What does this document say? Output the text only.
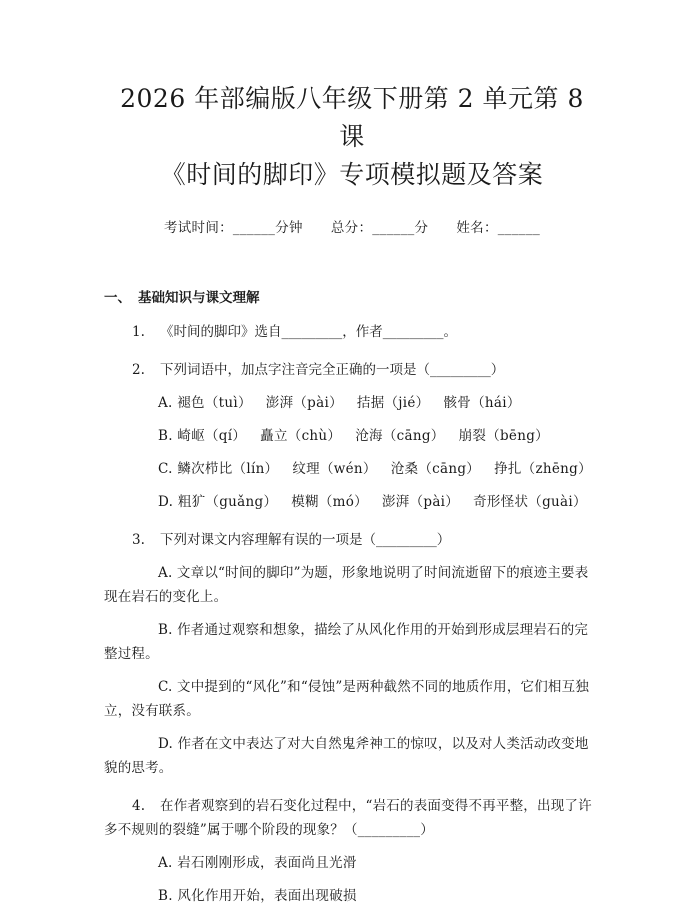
2026 年部编版八年级下册第 2 单元第 8 课
《时间的脚印》专项模拟题及答案
考试时间：______分钟 总分：______分 姓名：______
一、 基础知识与课文理解
1. 《时间的脚印》选自_________，作者_________。
2. 下列词语中，加点字注音完全正确的一项是（_________）
A. 褪色（tuì） 澎湃（pài） 拮据（jié） 骸骨（hái）
B. 崎岖（qí） 矗立（chù） 沧海（cāng） 崩裂（bēng）
C. 鳞次栉比（lín） 纹理（wén） 沧桑（cāng） 挣扎（zhēng）
D. 粗犷（guǎng） 模糊（mó） 澎湃（pài） 奇形怪状（guài）
3. 下列对课文内容理解有误的一项是（_________）
A. 文章以“时间的脚印”为题，形象地说明了时间流逝留下的痕迹主要表现在岩石的变化上。
B. 作者通过观察和想象，描绘了从风化作用的开始到形成层理岩石的完整过程。
C. 文中提到的“风化”和“侵蚀”是两种截然不同的地质作用，它们相互独立，没有联系。
D. 作者在文中表达了对大自然鬼斧神工的惊叹，以及对人类活动改变地貌的思考。
4. 在作者观察到的岩石变化过程中，“岩石的表面变得不再平整，出现了许多不规则的裂缝”属于哪个阶段的现象？（_________）
A. 岩石刚刚形成，表面尚且光滑
B. 风化作用开始，表面出现破损
